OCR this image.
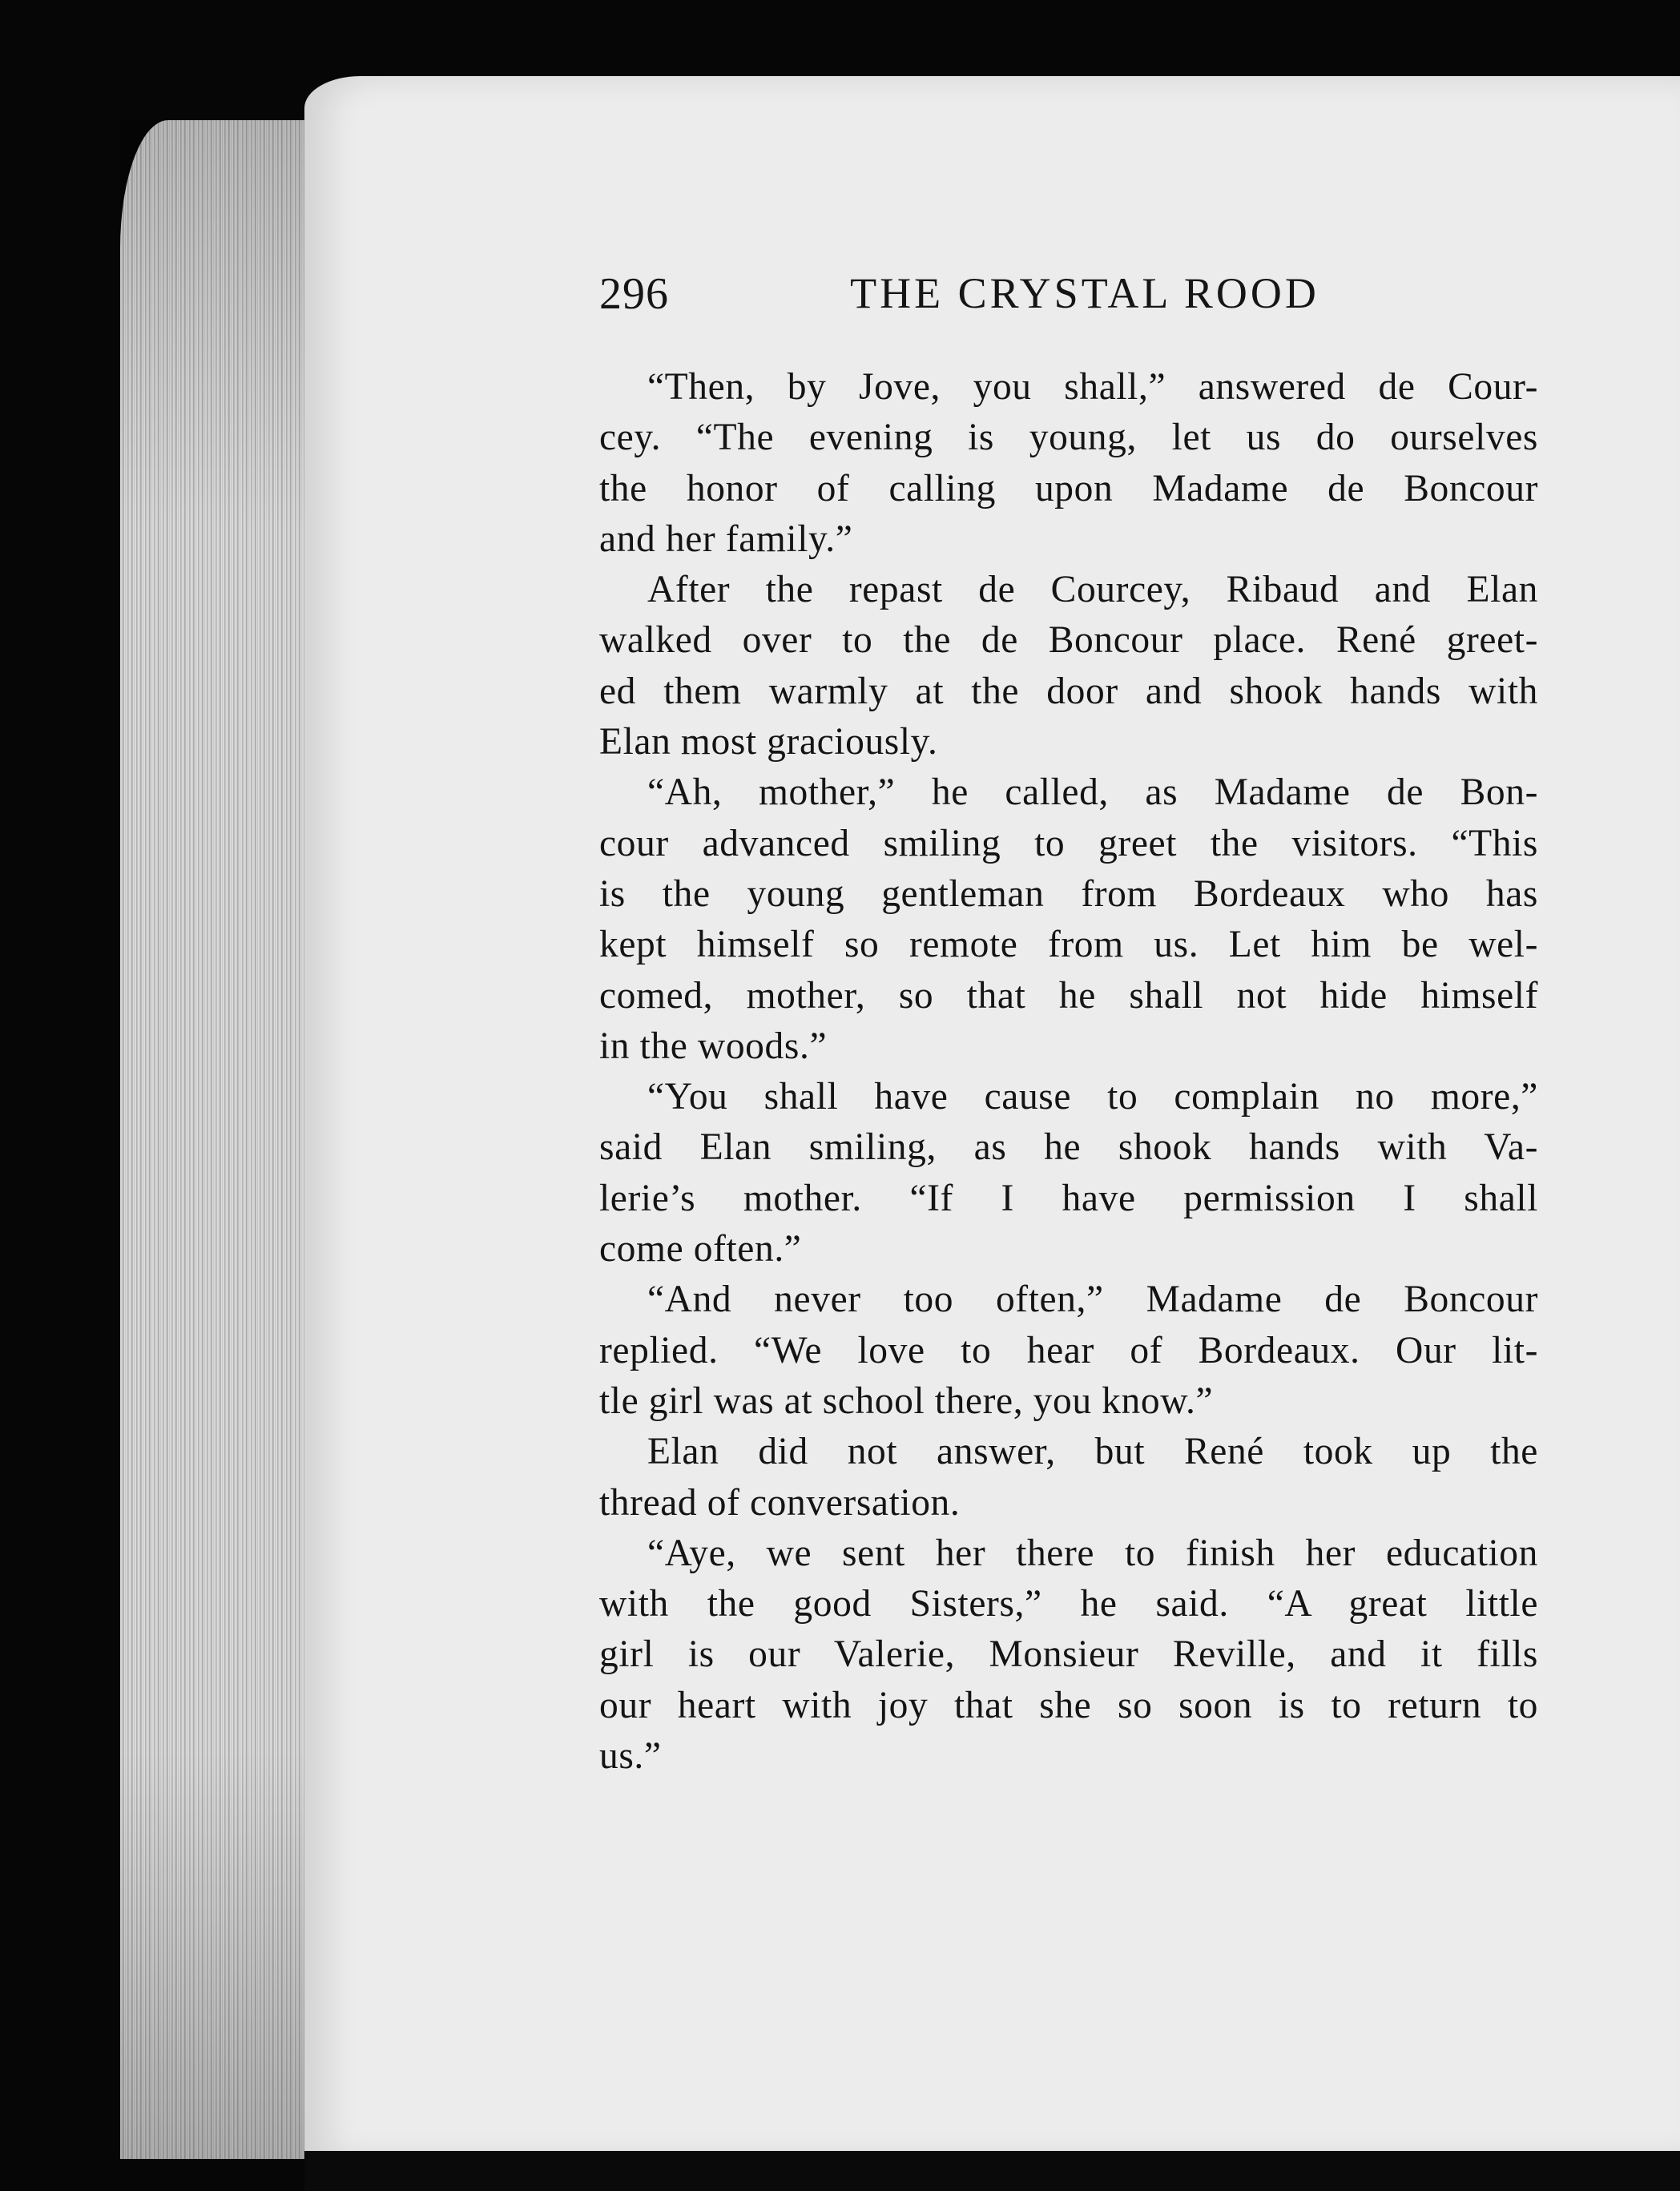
296	THE CRYSTAL ROOD
“Then, by Jove, you shall,” answered de Cour-
cey. “The evening is young, let us do ourselves
the honor of calling upon Madame de Boncour
and her family.”
After the repast de Courcey, Ribaud and Elan
walked over to the de Boncour place. René greet-
ed them warmly at the door and shook hands with
Elan most graciously.
“Ah, mother,” he called, as Madame de Bon-
cour advanced smiling to greet the visitors. “This
is the young gentleman from Bordeaux who has
kept himself so remote from us. Let him be wel-
comed, mother, so that he shall not hide himself
in the woods.”
“You shall have cause to complain no more,”
said Elan smiling, as he shook hands with Va-
lerie’s mother. “If I have permission I shall
come often.”
“And never too often,” Madame de Boncour
replied. “We love to hear of Bordeaux. Our lit-
tle girl was at school there, you know.”
Elan did not answer, but René took up the
thread of conversation.
“Aye, we sent her there to finish her education
with the good Sisters,” he said. “A great little
girl is our Valerie, Monsieur Reville, and it fills
our heart with joy that she so soon is to return to
us.”
